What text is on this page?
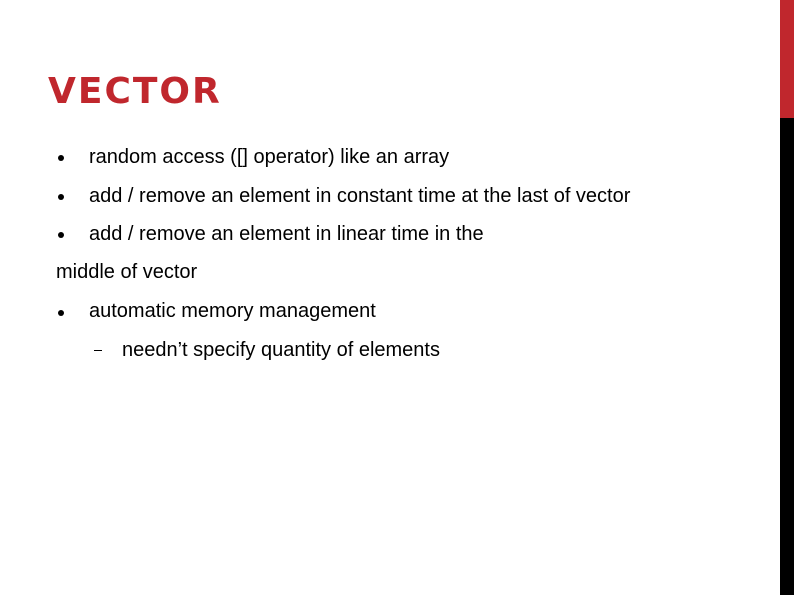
VECTOR
random access ([] operator) like an array
add / remove an element in constant time at the last of vector
add / remove an element in linear time in the
middle of vector
automatic memory management
needn’t specify quantity of elements
